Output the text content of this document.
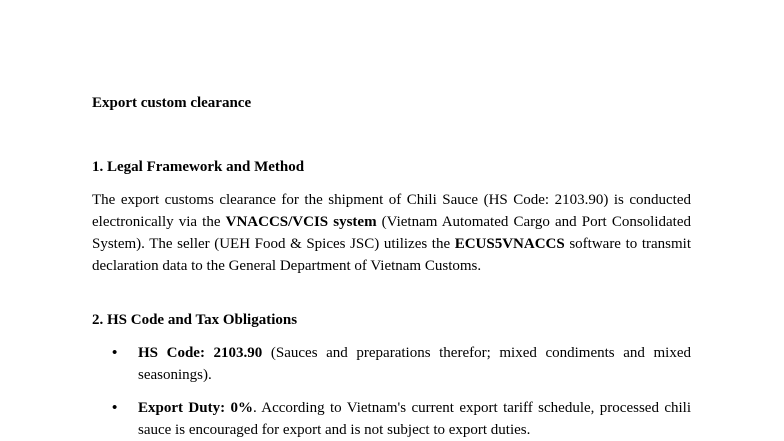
Export custom clearance

1. Legal Framework and Method

The export customs clearance for the shipment of Chili Sauce (HS Code: 2103.90) is conducted electronically via the VNACCS/VCIS system (Vietnam Automated Cargo and Port Consolidated System). The seller (UEH Food & Spices JSC) utilizes the ECUS5VNACCS software to transmit declaration data to the General Department of Vietnam Customs.

2. HS Code and Tax Obligations

• HS Code: 2103.90 (Sauces and preparations therefor; mixed condiments and mixed seasonings).
• Export Duty: 0%. According to Vietnam's current export tariff schedule, processed chili sauce is encouraged for export and is not subject to export duties.
